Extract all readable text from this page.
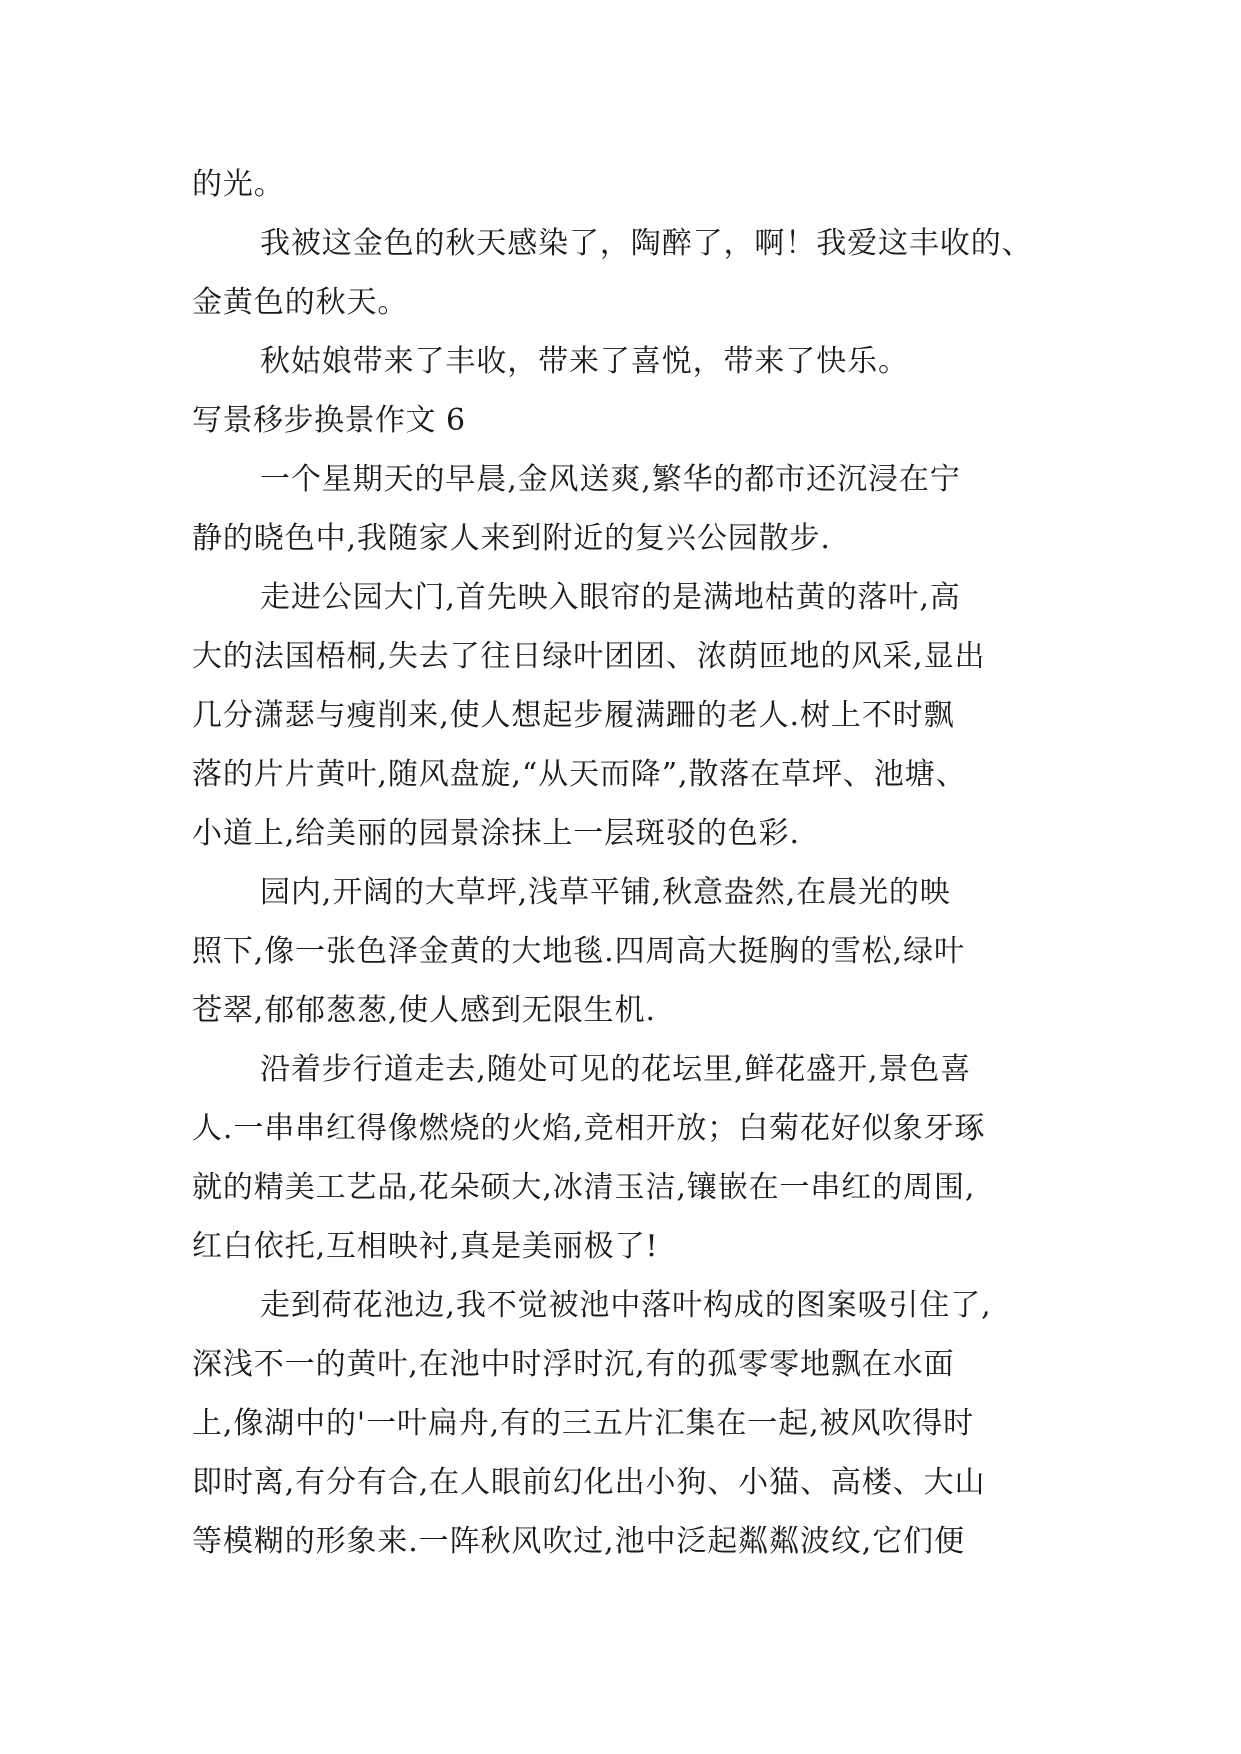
的光。
我被这金色的秋天感染了，陶醉了，啊！我爱这丰收的、
金黄色的秋天。
秋姑娘带来了丰收，带来了喜悦，带来了快乐。
写景移步换景作文 6
一个星期天的早晨,金风送爽,繁华的都市还沉浸在宁
静的晓色中,我随家人来到附近的复兴公园散步.
走进公园大门,首先映入眼帘的是满地枯黄的落叶,高
大的法国梧桐,失去了往日绿叶团团、浓荫匝地的风采,显出
几分潇瑟与瘦削来,使人想起步履满跚的老人.树上不时飘
落的片片黄叶,随风盘旋,“从天而降”,散落在草坪、池塘、
小道上,给美丽的园景涂抹上一层斑驳的色彩.
园内,开阔的大草坪,浅草平铺,秋意盎然,在晨光的映
照下,像一张色泽金黄的大地毯.四周高大挺胸的雪松,绿叶
苍翠,郁郁葱葱,使人感到无限生机.
沿着步行道走去,随处可见的花坛里,鲜花盛开,景色喜
人.一串串红得像燃烧的火焰,竞相开放；白菊花好似象牙琢
就的精美工艺品,花朵硕大,冰清玉洁,镶嵌在一串红的周围,
红白依托,互相映衬,真是美丽极了!
走到荷花池边,我不觉被池中落叶构成的图案吸引住了,
深浅不一的黄叶,在池中时浮时沉,有的孤零零地飘在水面
上,像湖中的'一叶扁舟,有的三五片汇集在一起,被风吹得时
即时离,有分有合,在人眼前幻化出小狗、小猫、高楼、大山
等模糊的形象来.一阵秋风吹过,池中泛起粼粼波纹,它们便
